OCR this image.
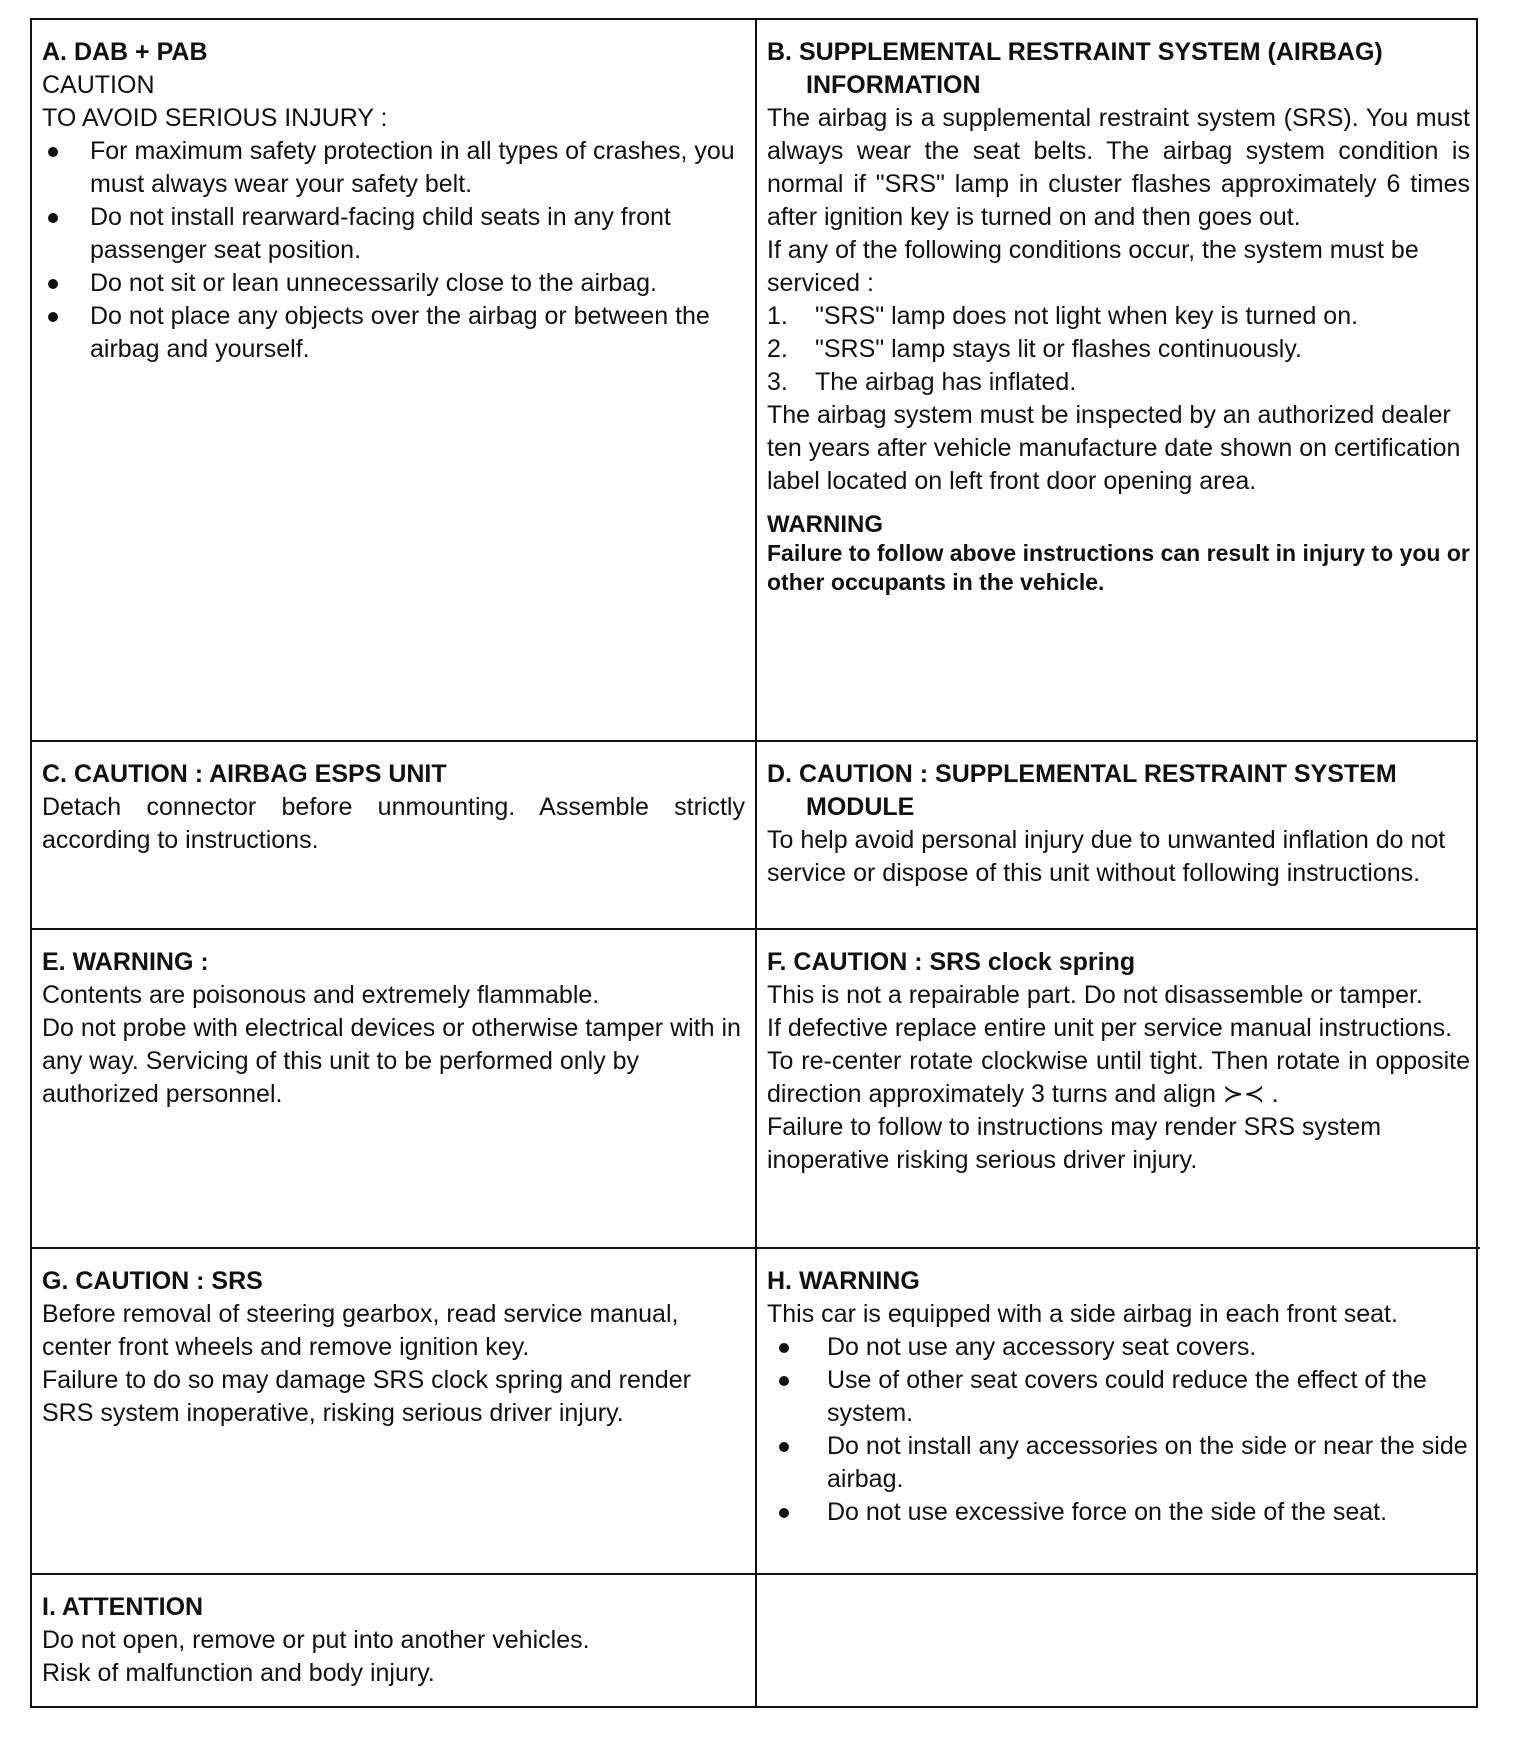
A. DAB + PAB
CAUTION
TO AVOID SERIOUS INJURY :
For maximum safety protection in all types of crashes, you must always wear your safety belt.
Do not install rearward-facing child seats in any front passenger seat position.
Do not sit or lean unnecessarily close to the airbag.
Do not place any objects over the airbag or between the airbag and yourself.
B. SUPPLEMENTAL RESTRAINT SYSTEM (AIRBAG) INFORMATION
The airbag is a supplemental restraint system (SRS). You must always wear the seat belts. The airbag system condition is normal if "SRS" lamp in cluster flashes approximately 6 times after ignition key is turned on and then goes out.
If any of the following conditions occur, the system must be serviced :
1. "SRS" lamp does not light when key is turned on.
2. "SRS" lamp stays lit or flashes continuously.
3. The airbag has inflated.
The airbag system must be inspected by an authorized dealer ten years after vehicle manufacture date shown on certification label located on left front door opening area.
WARNING
Failure to follow above instructions can result in injury to you or other occupants in the vehicle.
C. CAUTION : AIRBAG ESPS UNIT
Detach connector before unmounting. Assemble strictly according to instructions.
D. CAUTION : SUPPLEMENTAL RESTRAINT SYSTEM MODULE
To help avoid personal injury due to unwanted inflation do not service or dispose of this unit without following instructions.
E. WARNING :
Contents are poisonous and extremely flammable.
Do not probe with electrical devices or otherwise tamper with in any way. Servicing of this unit to be performed only by authorized personnel.
F. CAUTION : SRS clock spring
This is not a repairable part. Do not disassemble or tamper.
If defective replace entire unit per service manual instructions.
To re-center rotate clockwise until tight. Then rotate in opposite direction approximately 3 turns and align ≻≺ .
Failure to follow to instructions may render SRS system inoperative risking serious driver injury.
G. CAUTION : SRS
Before removal of steering gearbox, read service manual, center front wheels and remove ignition key.
Failure to do so may damage SRS clock spring and render SRS system inoperative, risking serious driver injury.
H. WARNING
This car is equipped with a side airbag in each front seat.
Do not use any accessory seat covers.
Use of other seat covers could reduce the effect of the system.
Do not install any accessories on the side or near the side airbag.
Do not use excessive force on the side of the seat.
I. ATTENTION
Do not open, remove or put into another vehicles.
Risk of malfunction and body injury.
